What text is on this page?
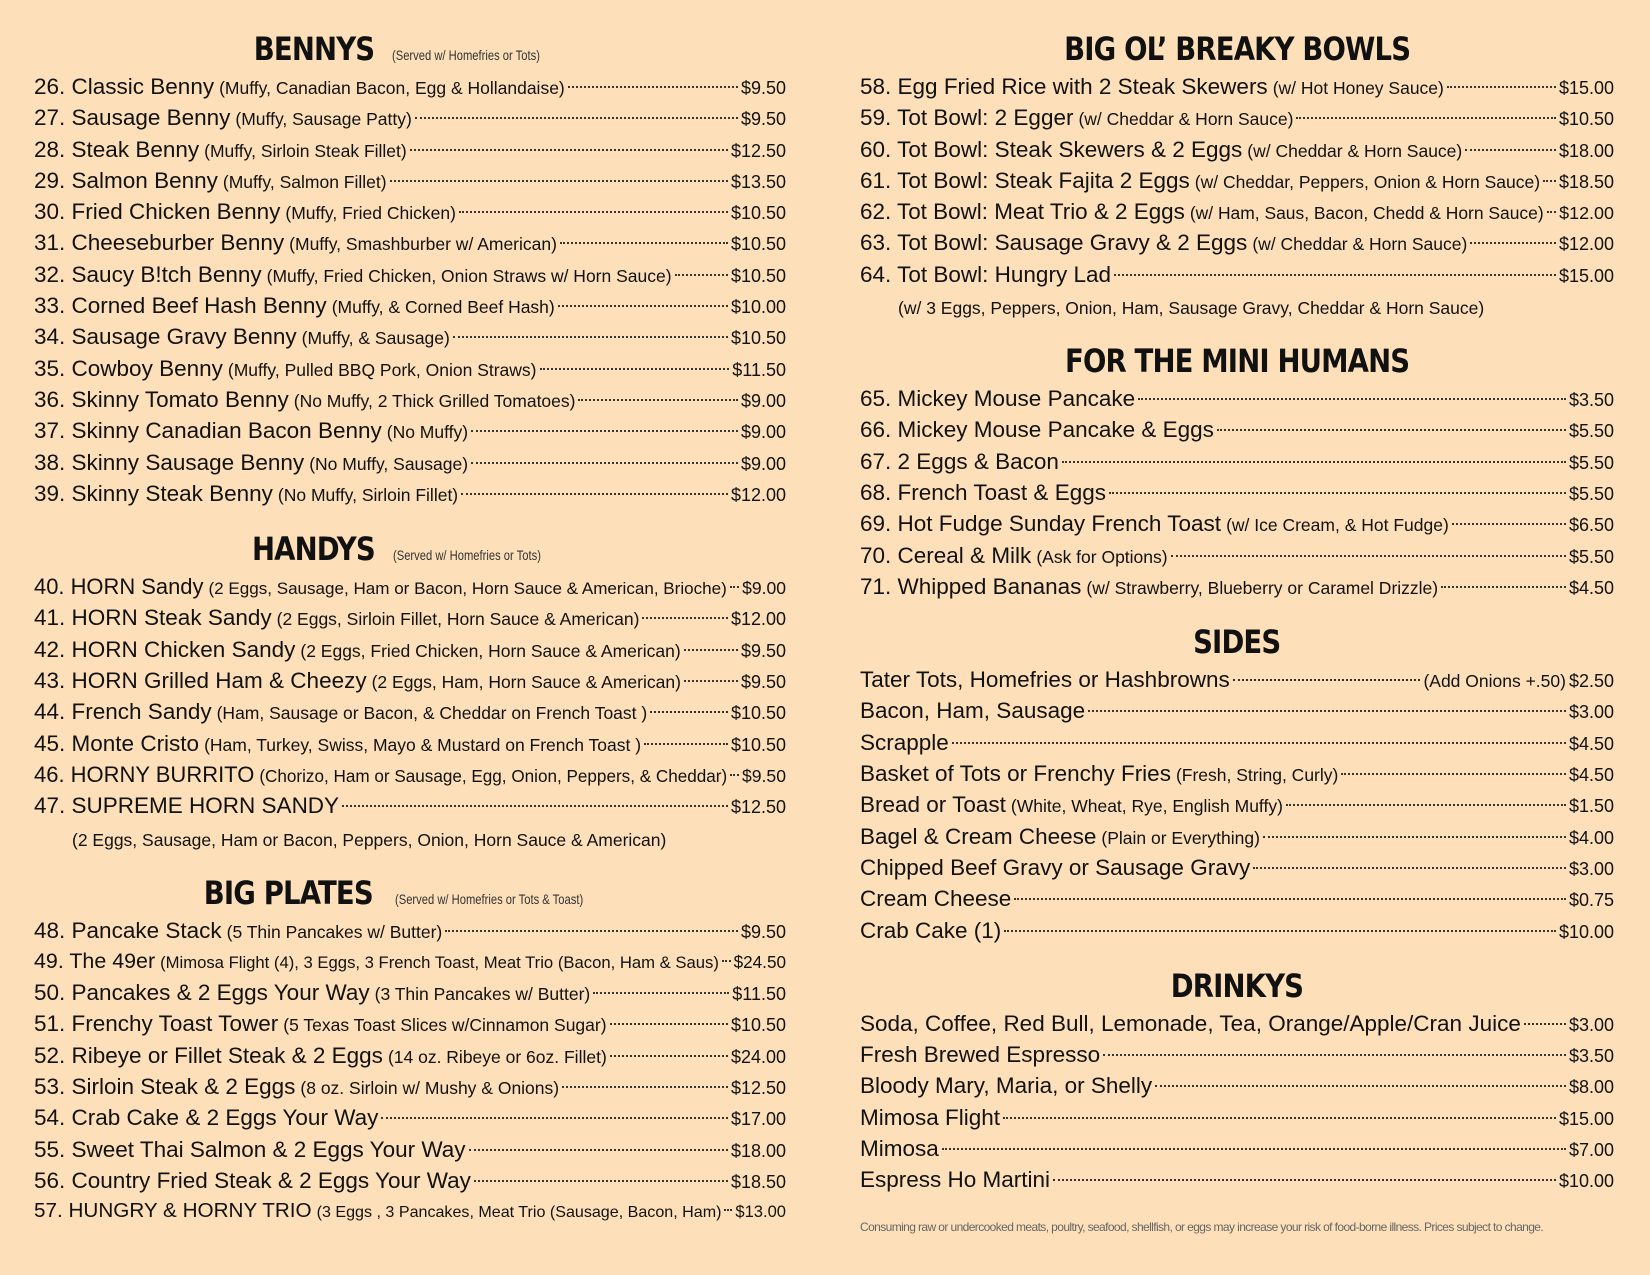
BENNYS (Served w/ Homefries or Tots)
26. Classic Benny (Muffy, Canadian Bacon, Egg & Hollandaise)	$9.50
27. Sausage Benny (Muffy, Sausage Patty)	$9.50
28. Steak Benny (Muffy, Sirloin Steak Fillet)	$12.50
29. Salmon Benny (Muffy, Salmon Fillet)	$13.50
30. Fried Chicken Benny (Muffy, Fried Chicken)	$10.50
31. Cheeseburber Benny (Muffy, Smashburber w/ American)	$10.50
32. Saucy B!tch Benny (Muffy, Fried Chicken, Onion Straws w/ Horn Sauce)	$10.50
33. Corned Beef Hash Benny (Muffy, & Corned Beef Hash)	$10.00
34. Sausage Gravy Benny (Muffy, & Sausage)	$10.50
35. Cowboy Benny (Muffy, Pulled BBQ Pork, Onion Straws)	$11.50
36. Skinny Tomato Benny (No Muffy, 2 Thick Grilled Tomatoes)	$9.00
37. Skinny Canadian Bacon Benny (No Muffy)	$9.00
38. Skinny Sausage Benny (No Muffy, Sausage)	$9.00
39. Skinny Steak Benny (No Muffy, Sirloin Fillet)	$12.00
HANDYS (Served w/ Homefries or Tots)
40. HORN Sandy (2 Eggs, Sausage, Ham or Bacon, Horn Sauce & American, Brioche) $9.00
41. HORN Steak Sandy (2 Eggs, Sirloin Fillet, Horn Sauce & American)	$12.00
42. HORN Chicken Sandy (2 Eggs, Fried Chicken, Horn Sauce & American)	$9.50
43. HORN Grilled Ham & Cheezy (2 Eggs, Ham, Horn Sauce & American)	$9.50
44. French Sandy (Ham, Sausage or Bacon, & Cheddar on French Toast )	$10.50
45. Monte Cristo (Ham, Turkey, Swiss, Mayo & Mustard on French Toast )	$10.50
46. HORNY BURRITO (Chorizo, Ham or Sausage, Egg, Onion, Peppers, & Cheddar) $9.50
47. SUPREME HORN SANDY	$12.50
(2 Eggs, Sausage, Ham or Bacon, Peppers, Onion, Horn Sauce & American)
BIG PLATES (Served w/ Homefries or Tots & Toast)
48. Pancake Stack (5 Thin Pancakes w/ Butter)	$9.50
49. The 49er (Mimosa Flight (4), 3 Eggs, 3 French Toast, Meat Trio (Bacon, Ham & Saus) $24.50
50. Pancakes & 2 Eggs Your Way (3 Thin Pancakes w/ Butter)	$11.50
51. Frenchy Toast Tower (5 Texas Toast Slices w/Cinnamon Sugar)	$10.50
52. Ribeye or Fillet Steak & 2 Eggs (14 oz. Ribeye or 6oz. Fillet)	$24.00
53. Sirloin Steak & 2 Eggs (8 oz. Sirloin w/ Mushy & Onions)	$12.50
54. Crab Cake & 2 Eggs Your Way	$17.00
55. Sweet Thai Salmon & 2 Eggs Your Way	$18.00
56. Country Fried Steak & 2 Eggs Your Way	$18.50
57. HUNGRY & HORNY TRIO (3 Eggs , 3 Pancakes, Meat Trio (Sausage, Bacon, Ham) $13.00
BIG OL’ BREAKY BOWLS
58. Egg Fried Rice with 2 Steak Skewers (w/ Hot Honey Sauce)	$15.00
59. Tot Bowl: 2 Egger (w/ Cheddar & Horn Sauce)	$10.50
60. Tot Bowl: Steak Skewers & 2 Eggs (w/ Cheddar & Horn Sauce)	$18.00
61. Tot Bowl: Steak Fajita 2 Eggs (w/ Cheddar, Peppers, Onion & Horn Sauce) $18.50
62. Tot Bowl: Meat Trio & 2 Eggs (w/ Ham, Saus, Bacon, Chedd & Horn Sauce) $12.00
63. Tot Bowl: Sausage Gravy & 2 Eggs (w/ Cheddar & Horn Sauce)	$12.00
64. Tot Bowl: Hungry Lad	$15.00
(w/ 3 Eggs, Peppers, Onion, Ham, Sausage Gravy, Cheddar & Horn Sauce)
FOR THE MINI HUMANS
65. Mickey Mouse Pancake	$3.50
66. Mickey Mouse Pancake & Eggs	$5.50
67. 2 Eggs & Bacon	$5.50
68. French Toast & Eggs	$5.50
69. Hot Fudge Sunday French Toast (w/ Ice Cream, & Hot Fudge)	$6.50
70. Cereal & Milk (Ask for Options)	$5.50
71. Whipped Bananas (w/ Strawberry, Blueberry or Caramel Drizzle)	$4.50
SIDES
Tater Tots, Homefries or Hashbrowns	(Add Onions +.50) $2.50
Bacon, Ham, Sausage	$3.00
Scrapple	$4.50
Basket of Tots or Frenchy Fries (Fresh, String, Curly)	$4.50
Bread or Toast (White, Wheat, Rye, English Muffy)	$1.50
Bagel & Cream Cheese (Plain or Everything)	$4.00
Chipped Beef Gravy or Sausage Gravy	$3.00
Cream Cheese	$0.75
Crab Cake (1)	$10.00
DRINKYS
Soda, Coffee, Red Bull, Lemonade, Tea, Orange/Apple/Cran Juice	$3.00
Fresh Brewed Espresso	$3.50
Bloody Mary, Maria, or Shelly	$8.00
Mimosa Flight	$15.00
Mimosa	$7.00
Espress Ho Martini	$10.00
Consuming raw or undercooked meats, poultry, seafood, shellfish, or eggs may increase your risk of food-borne illness. Prices subject to change.
